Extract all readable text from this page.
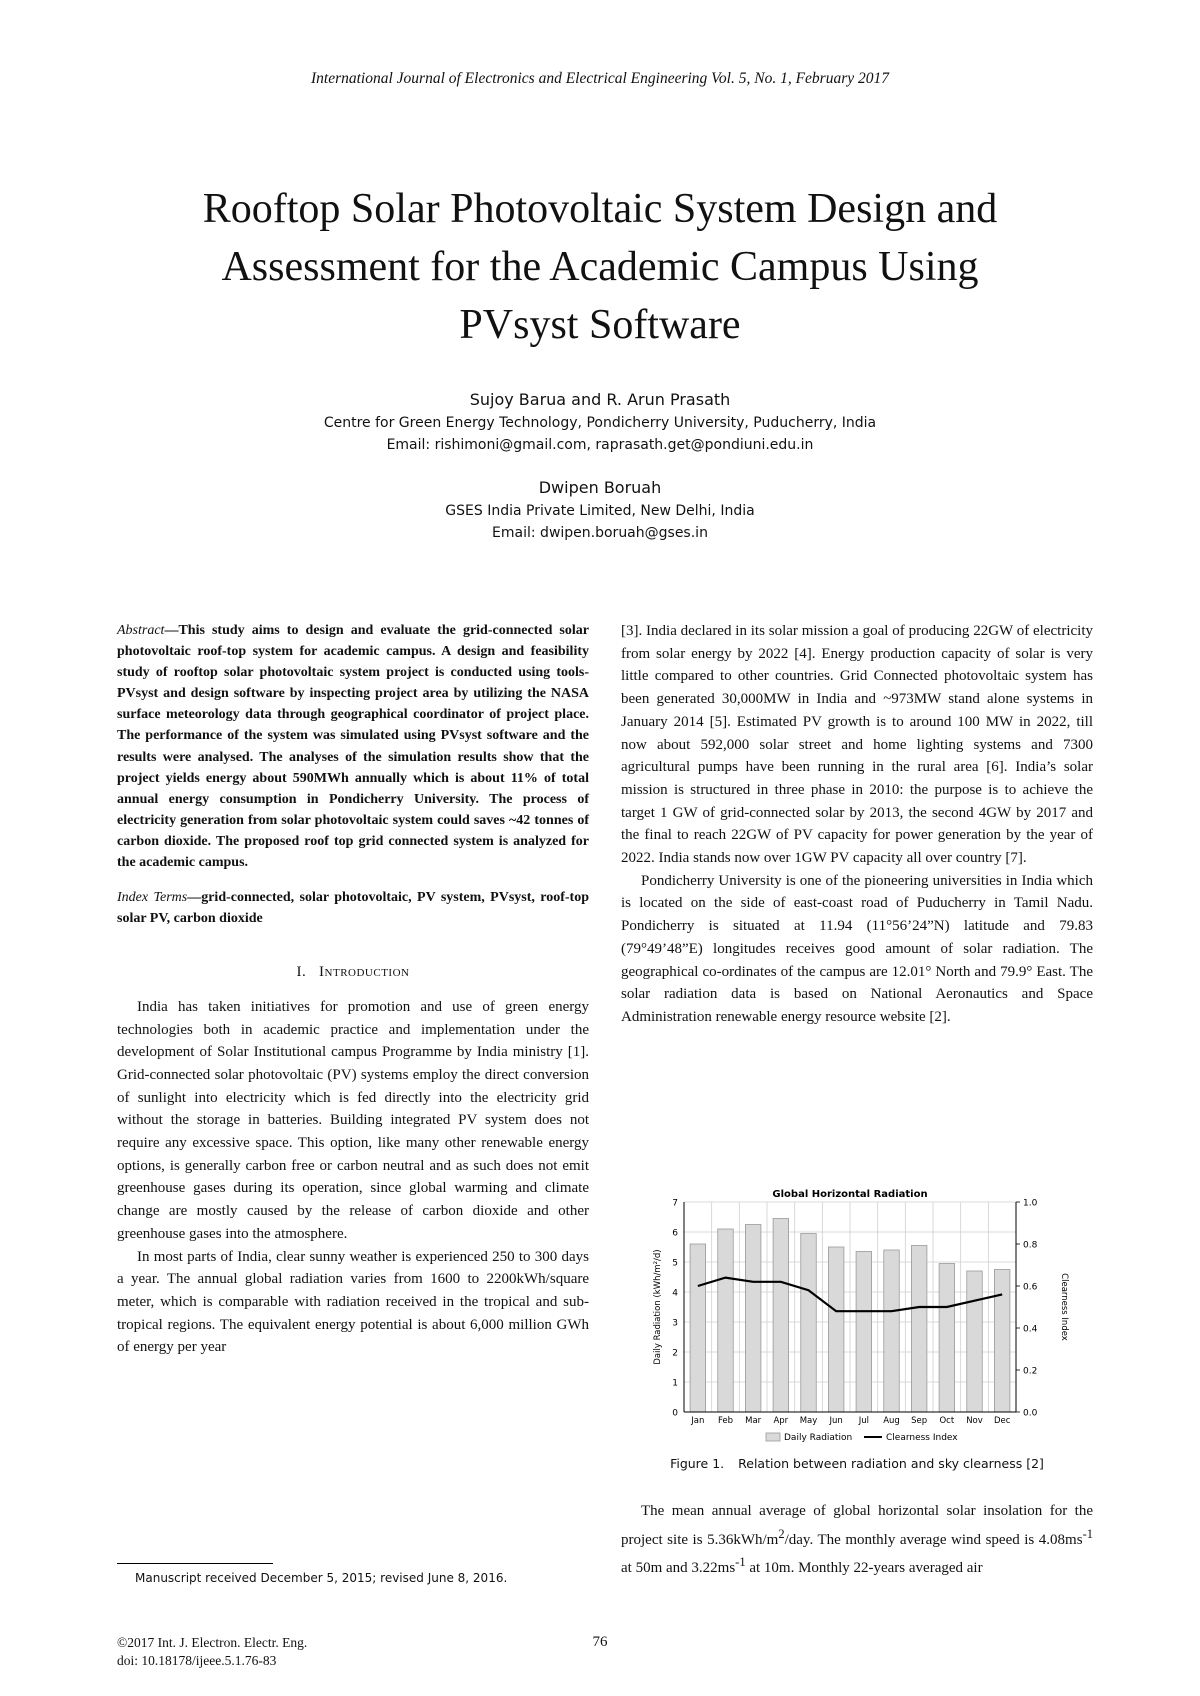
International Journal of Electronics and Electrical Engineering Vol. 5, No. 1, February 2017
Rooftop Solar Photovoltaic System Design and
Assessment for the Academic Campus Using
PVsyst Software
Sujoy Barua and R. Arun Prasath
Centre for Green Energy Technology, Pondicherry University, Puducherry, India
Email: rishimoni@gmail.com, raprasath.get@pondiuni.edu.in
Dwipen Boruah
GSES India Private Limited, New Delhi, India
Email: dwipen.boruah@gses.in

Abstract—This study aims to design and evaluate the grid-connected solar photovoltaic roof-top system for academic campus. A design and feasibility study of rooftop solar photovoltaic system project is conducted using tools- PVsyst and design software by inspecting project area by utilizing the NASA surface meteorology data through geographical coordinator of project place. The performance of the system was simulated using PVsyst software and the results were analysed. The analyses of the simulation results show that the project yields energy about 590MWh annually which is about 11% of total annual energy consumption in Pondicherry University. The process of electricity generation from solar photovoltaic system could saves ~42 tonnes of carbon dioxide. The proposed roof top grid connected system is analyzed for the academic campus.

Index Terms—grid-connected, solar photovoltaic, PV system, PVsyst, roof-top solar PV, carbon dioxide

I. Introduction

India has taken initiatives for promotion and use of green energy technologies both in academic practice and implementation under the development of Solar Institutional campus Programme by India ministry [1]. Grid-connected solar photovoltaic (PV) systems employ the direct conversion of sunlight into electricity which is fed directly into the electricity grid without the storage in batteries. Building integrated PV system does not require any excessive space. This option, like many other renewable energy options, is generally carbon free or carbon neutral and as such does not emit greenhouse gases during its operation, since global warming and climate change are mostly caused by the release of carbon dioxide and other greenhouse gases into the atmosphere.

In most parts of India, clear sunny weather is experienced 250 to 300 days a year. The annual global radiation varies from 1600 to 2200kWh/square meter, which is comparable with radiation received in the tropical and sub-tropical regions. The equivalent energy potential is about 6,000 million GWh of energy per year

[3]. India declared in its solar mission a goal of producing 22GW of electricity from solar energy by 2022 [4]. Energy production capacity of solar is very little compared to other countries. Grid Connected photovoltaic system has been generated 30,000MW in India and ~973MW stand alone systems in January 2014 [5]. Estimated PV growth is to around 100 MW in 2022, till now about 592,000 solar street and home lighting systems and 7300 agricultural pumps have been running in the rural area [6]. India’s solar mission is structured in three phase in 2010: the purpose is to achieve the target 1 GW of grid-connected solar by 2013, the second 4GW by 2017 and the final to reach 22GW of PV capacity for power generation by the year of 2022. India stands now over 1GW PV capacity all over country [7].

Pondicherry University is one of the pioneering universities in India which is located on the side of east-coast road of Puducherry in Tamil Nadu. Pondicherry is situated at 11.94 (11°56’24”N) latitude and 79.83 (79°49’48”E) longitudes receives good amount of solar radiation. The geographical co-ordinates of the campus are 12.01° North and 79.9° East. The solar radiation data is based on National Aeronautics and Space Administration renewable energy resource website [2].

Global Horizontal Radiation
0
1
2
3
4
5
6
7
0.0
0.2
0.4
0.6
0.8
1.0
Jan Feb Mar Apr May Jun Jul Aug Sep Oct Nov Dec
Daily Radiation (kWh/m²/d)	Clearness Index
Daily Radiation	Clearness Index
Figure 1. Relation between radiation and sky clearness [2]

The mean annual average of global horizontal solar insolation for the project site is $5.36kWh/m^2$/day. The monthly average wind speed is $4.08ms^{-1}$ at 50m and $3.22ms^{-1}$ at 10m. Monthly 22-years averaged air

Manuscript received December 5, 2015; revised June 8, 2016.
©2017 Int. J. Electron. Electr. Eng.
doi: 10.18178/ijeee.5.1.76-83
76
